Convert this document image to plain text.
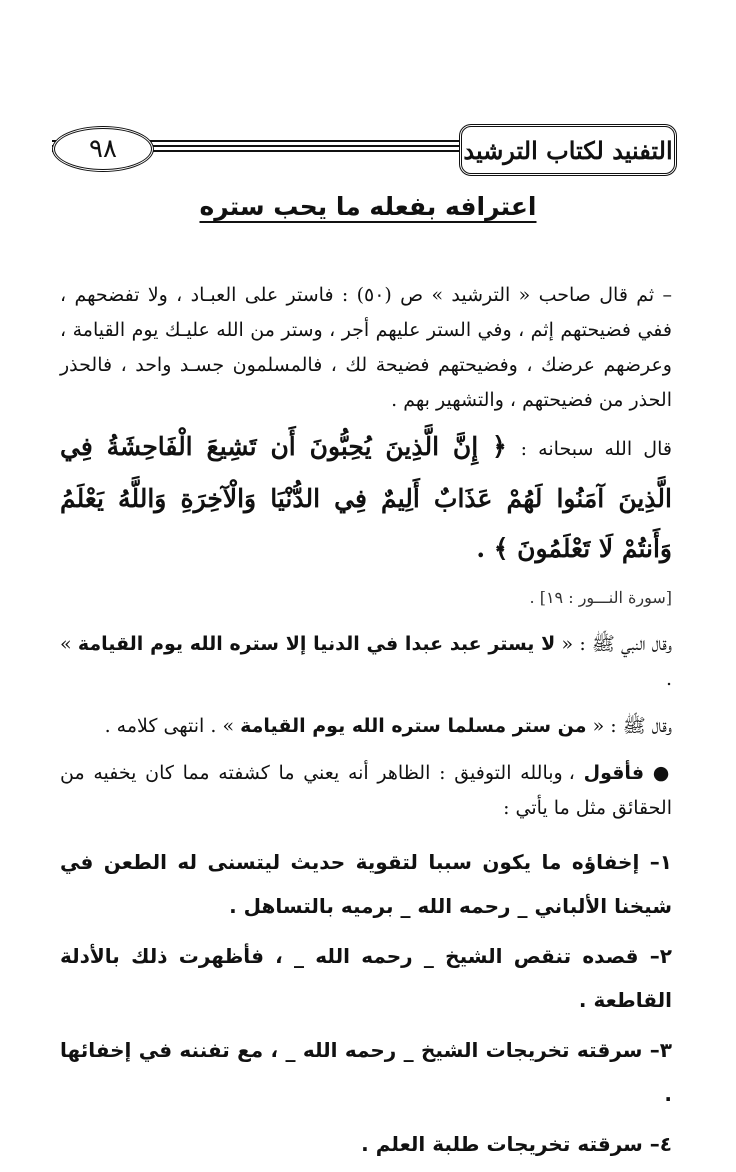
التفنيد لكتاب الترشيد
٩٨
اعترافه بفعله ما يحب ستره

– ثم قال صاحب « الترشيد » ص (٥٠) : فاستر على العبـاد ، ولا تفضحهم ، ففي فضيحتهم إثم ، وفي الستر عليهم أجر ، وستر من الله عليـك يوم القيامة ، وعرضهم عرضك ، وفضيحتهم فضيحة لك ، فالمسلمون جسـد واحد ، فالحذر الحذر من فضيحتهم ، والتشهير بهم .

قال الله سبحانه : ﴿ إِنَّ الَّذِينَ يُحِبُّونَ أَن تَشِيعَ الْفَاحِشَةُ فِي الَّذِينَ آمَنُوا لَهُمْ عَذَابٌ أَلِيمٌ فِي الدُّنْيَا وَالْآخِرَةِ وَاللَّهُ يَعْلَمُ وَأَنتُمْ لَا تَعْلَمُونَ ﴾ .

[سورة النـــور : ١٩] .

وقال النبي ﷺ : « لا يستر عبد عبدا في الدنيا إلا ستره الله يوم القيامة » .

وقال ﷺ : « من ستر مسلما ستره الله يوم القيامة » . انتهى كلامه .

● فأقول ، وبالله التوفيق : الظاهر أنه يعني ما كشفته مما كان يخفيه من الحقائق مثل ما يأتي :

١– إخفاؤه ما يكون سببا لتقوية حديث ليتسنى له الطعن في شيخنا الألباني _ رحمه الله _ برميه بالتساهل .

٢– قصده تنقص الشيخ _ رحمه الله _ ، فأظهرت ذلك بالأدلة القاطعة .

٣– سرقته تخريجات الشيخ _ رحمه الله _ ، مع تفننه في إخفائها .

٤– سرقته تخريجات طلبة العلم .
